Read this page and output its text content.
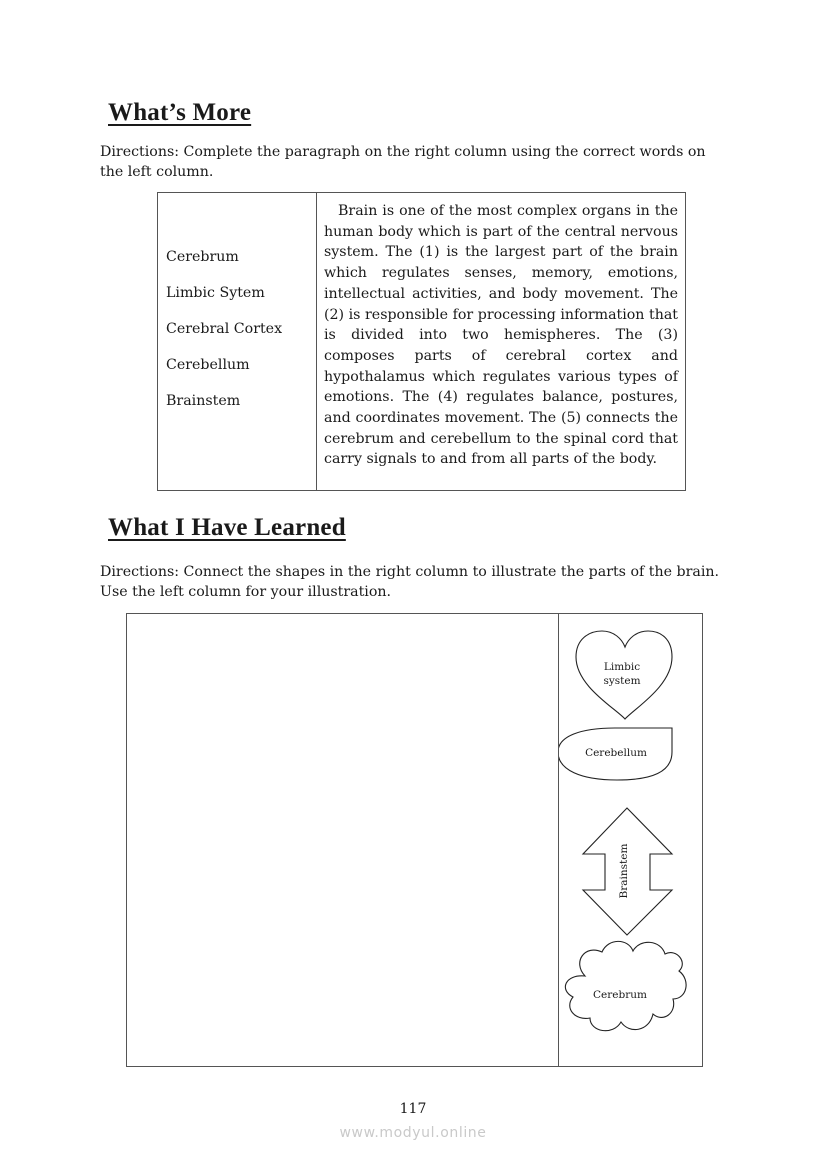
What’s More

Directions: Complete the paragraph on the right column using the correct words on the left column.

Cerebrum
Limbic Sytem
Cerebral Cortex
Cerebellum
Brainstem

Brain is one of the most complex organs in the human body which is part of the central nervous system. The (1) is the largest part of the brain which regulates senses, memory, emotions, intellectual activities, and body movement. The (2) is responsible for processing information that is divided into two hemispheres. The (3) composes parts of cerebral cortex and hypothalamus which regulates various types of emotions. The (4) regulates balance, postures, and coordinates movement. The (5) connects the cerebrum and cerebellum to the spinal cord that carry signals to and from all parts of the body.

What I Have Learned

Directions: Connect the shapes in the right column to illustrate the parts of the brain. Use the left column for your illustration.

Limbic
system
Cerebellum
Brainstem
Cerebrum

117

www.modyul.online
